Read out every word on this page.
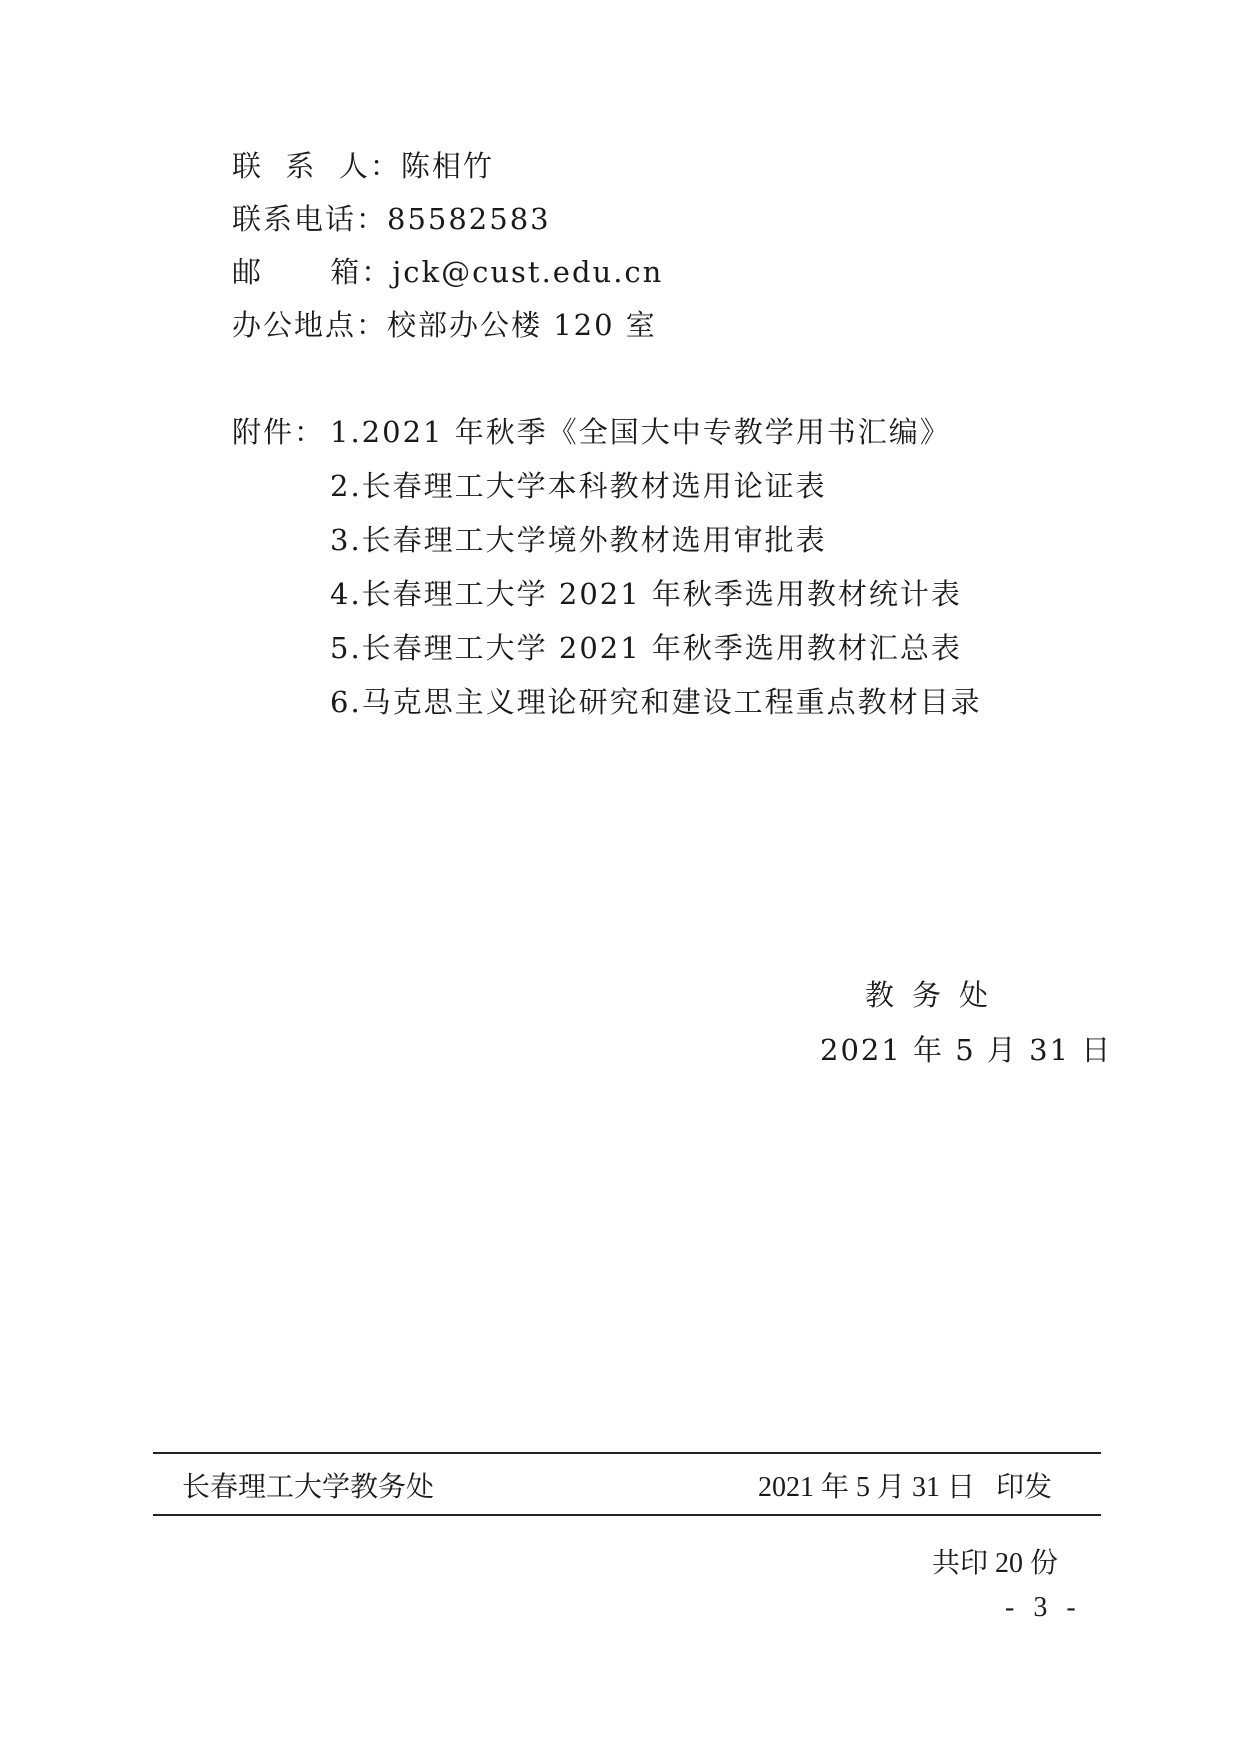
联  系  人：陈相竹
联系电话：85582583
邮      箱：jck@cust.edu.cn
办公地点：校部办公楼 120 室
附件： 1.2021 年秋季《全国大中专教学用书汇编》
2.长春理工大学本科教材选用论证表
3.长春理工大学境外教材选用审批表
4.长春理工大学 2021 年秋季选用教材统计表
5.长春理工大学 2021 年秋季选用教材汇总表
6.马克思主义理论研究和建设工程重点教材目录
教务处
2021 年 5 月 31 日
长春理工大学教务处	2021 年 5 月 31 日   印发
共印 20 份
- 3 -
